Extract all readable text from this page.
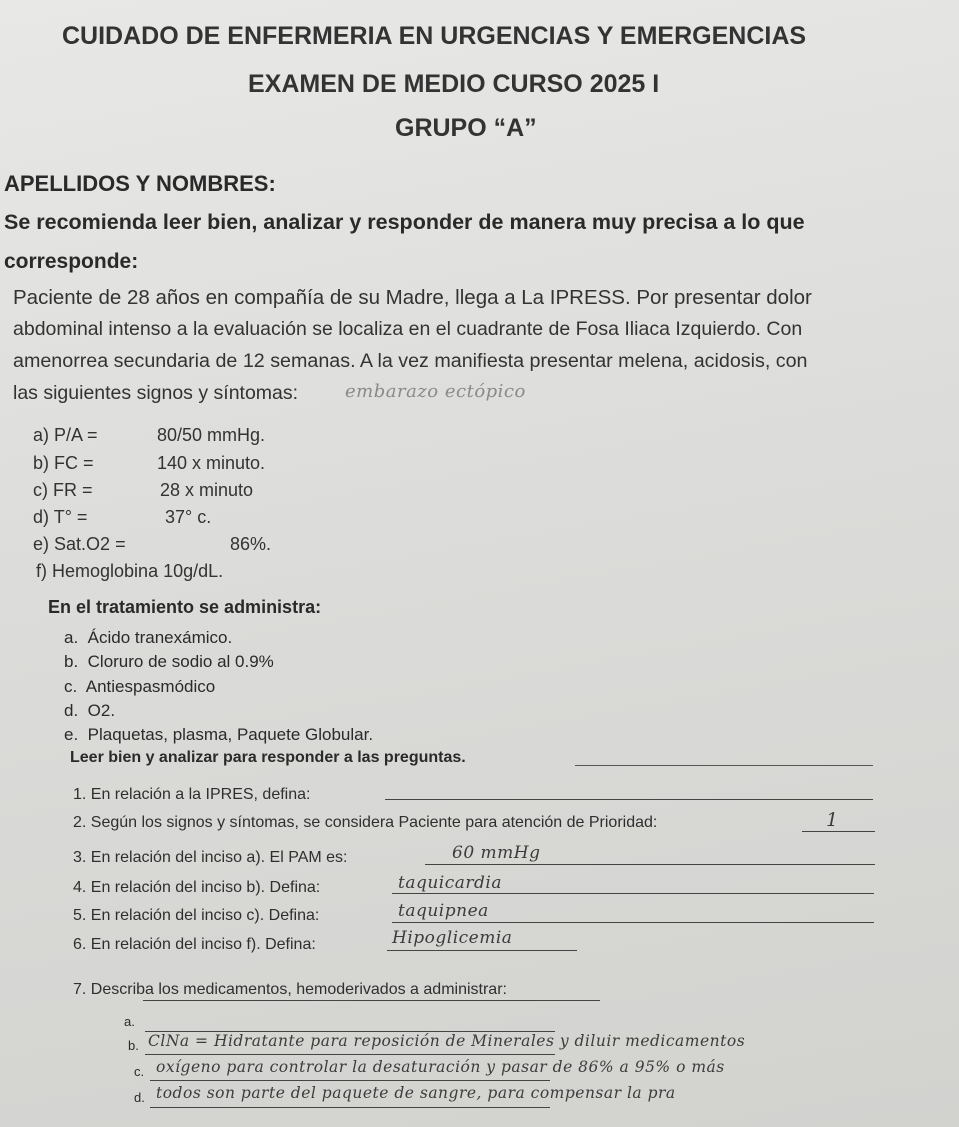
CUIDADO DE ENFERMERIA EN URGENCIAS Y EMERGENCIAS
EXAMEN DE MEDIO CURSO 2025 I
GRUPO “A”
APELLIDOS Y NOMBRES:
Se recomienda leer bien, analizar y responder de manera muy precisa a lo que
corresponde:
Paciente de 28 años en compañía de su Madre, llega a La IPRESS. Por presentar dolor
abdominal intenso a la evaluación se localiza en el cuadrante de Fosa Iliaca Izquierdo. Con
amenorrea secundaria de 12 semanas. A la vez manifiesta presentar melena, acidosis, con
las siguientes signos y síntomas:	embarazo ectópico
a) P/A =	80/50 mmHg.
b) FC =	140 x minuto.
c) FR =	28 x minuto
d) T° =	37° c.
e) Sat.O2 =	86%.
f) Hemoglobina 10g/dL.
En el tratamiento se administra:
a. Ácido tranexámico.
b. Cloruro de sodio al 0.9%
c. Antiespasmódico
d. O2.
e. Plaquetas, plasma, Paquete Globular.
Leer bien y analizar para responder a las preguntas.
1. En relación a la IPRES, defina:
2. Según los signos y síntomas, se considera Paciente para atención de Prioridad:	1
3. En relación del inciso a). El PAM es:	60 mmHg
4. En relación del inciso b). Defina:	taquicardia
5. En relación del inciso c). Defina:	taquipnea
6. En relación del inciso f). Defina:	Hipoglicemia
7. Describa los medicamentos, hemoderivados a administrar:
a.
b. ClNa = Hidratante para reposición de Minerales y diluir medicamentos
c. oxígeno para controlar la desaturación y pasar de 86% a 95% o más
d. todos son parte del paquete de sangre, para compensar la pra
